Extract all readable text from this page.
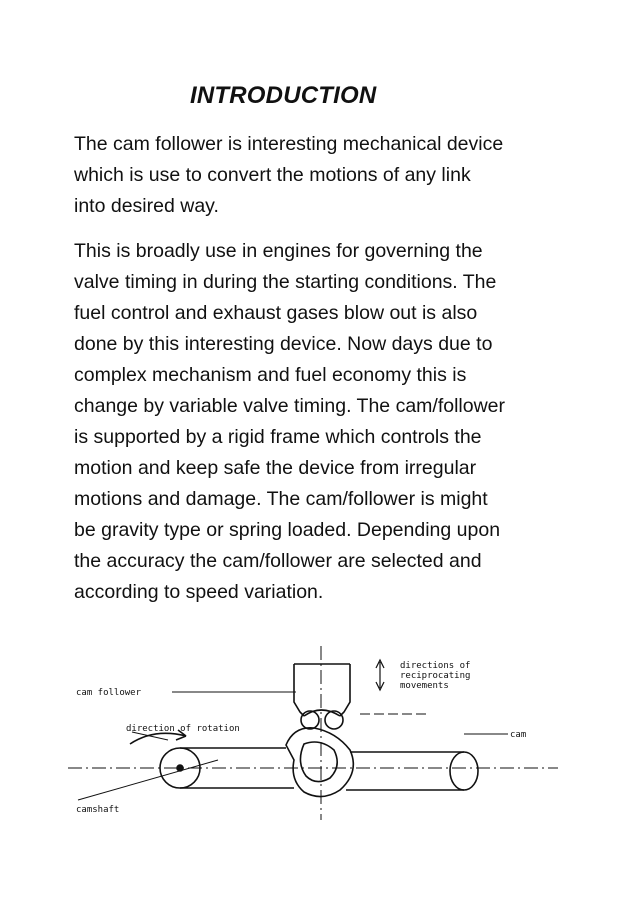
INTRODUCTION

The cam follower is interesting mechanical device
which is use to convert the motions of any link
into desired way.

This is broadly use in engines for governing the
valve timing in during the starting conditions. The
fuel control and exhaust gases blow out is also
done by this interesting device. Now days due to
complex mechanism and fuel economy this is
change by variable valve timing. The cam/follower
is supported by a rigid frame which controls the
motion and keep safe the device from irregular
motions and damage. The cam/follower is might
be gravity type or spring loaded. Depending upon
the accuracy the cam/follower are selected and
according to speed variation.

cam follower
direction of rotation
camshaft
cam
directions of
reciprocating
movements
